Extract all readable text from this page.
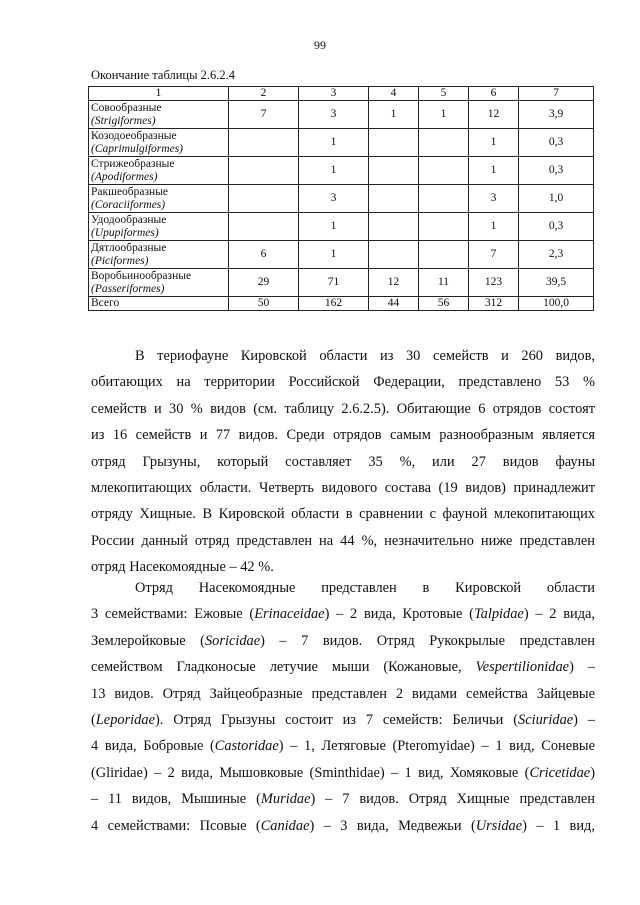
99
Окончание таблицы 2.6.2.4
1	2	3	4	5	6	7
Совообразные
(Strigiformes)	7	3	1	1	12	3,9
Козодоеобразные
(Caprimulgiformes)		1			1	0,3
Стрижеобразные
(Apodiformes)		1			1	0,3
Ракшеобразные
(Coraciiformes)		3			3	1,0
Удодообразные
(Upupiformes)		1			1	0,3
Дятлообразные
(Piciformes)	6	1			7	2,3
Воробьинообразные
(Passeriformes)	29	71	12	11	123	39,5
Всего	50	162	44	56	312	100,0
В териофауне Кировской области из 30 семейств и 260 видов,
обитающих на территории Российской Федерации, представлено 53 %
семейств и 30 % видов (см. таблицу 2.6.2.5). Обитающие 6 отрядов состоят
из 16 семейств и 77 видов. Среди отрядов самым разнообразным является
отряд Грызуны, который составляет 35 %, или 27 видов фауны
млекопитающих области. Четверть видового состава (19 видов) принадлежит
отряду Хищные. В Кировской области в сравнении с фауной млекопитающих
России данный отряд представлен на 44 %, незначительно ниже представлен
отряд Насекомоядные – 42 %.
Отряд Насекомоядные представлен в Кировской области
3 семействами: Ежовые (Erinaceidae) – 2 вида, Кротовые (Talpidae) – 2 вида,
Землеройковые (Soricidae) – 7 видов. Отряд Рукокрылые представлен
семейством Гладконосые летучие мыши (Кожановые, Vespertilionidae) –
13 видов. Отряд Зайцеобразные представлен 2 видами семейства Зайцевые
(Leporidae). Отряд Грызуны состоит из 7 семейств: Беличьи (Sciuridae) –
4 вида, Бобровые (Castoridae) – 1, Летяговые (Pteromyidae) – 1 вид, Соневые
(Gliridae) – 2 вида, Мышовковые (Sminthidae) – 1 вид, Хомяковые (Cricetidae)
– 11 видов, Мышиные (Muridae) – 7 видов. Отряд Хищные представлен
4 семействами: Псовые (Canidae) – 3 вида, Медвежьи (Ursidae) – 1 вид,
